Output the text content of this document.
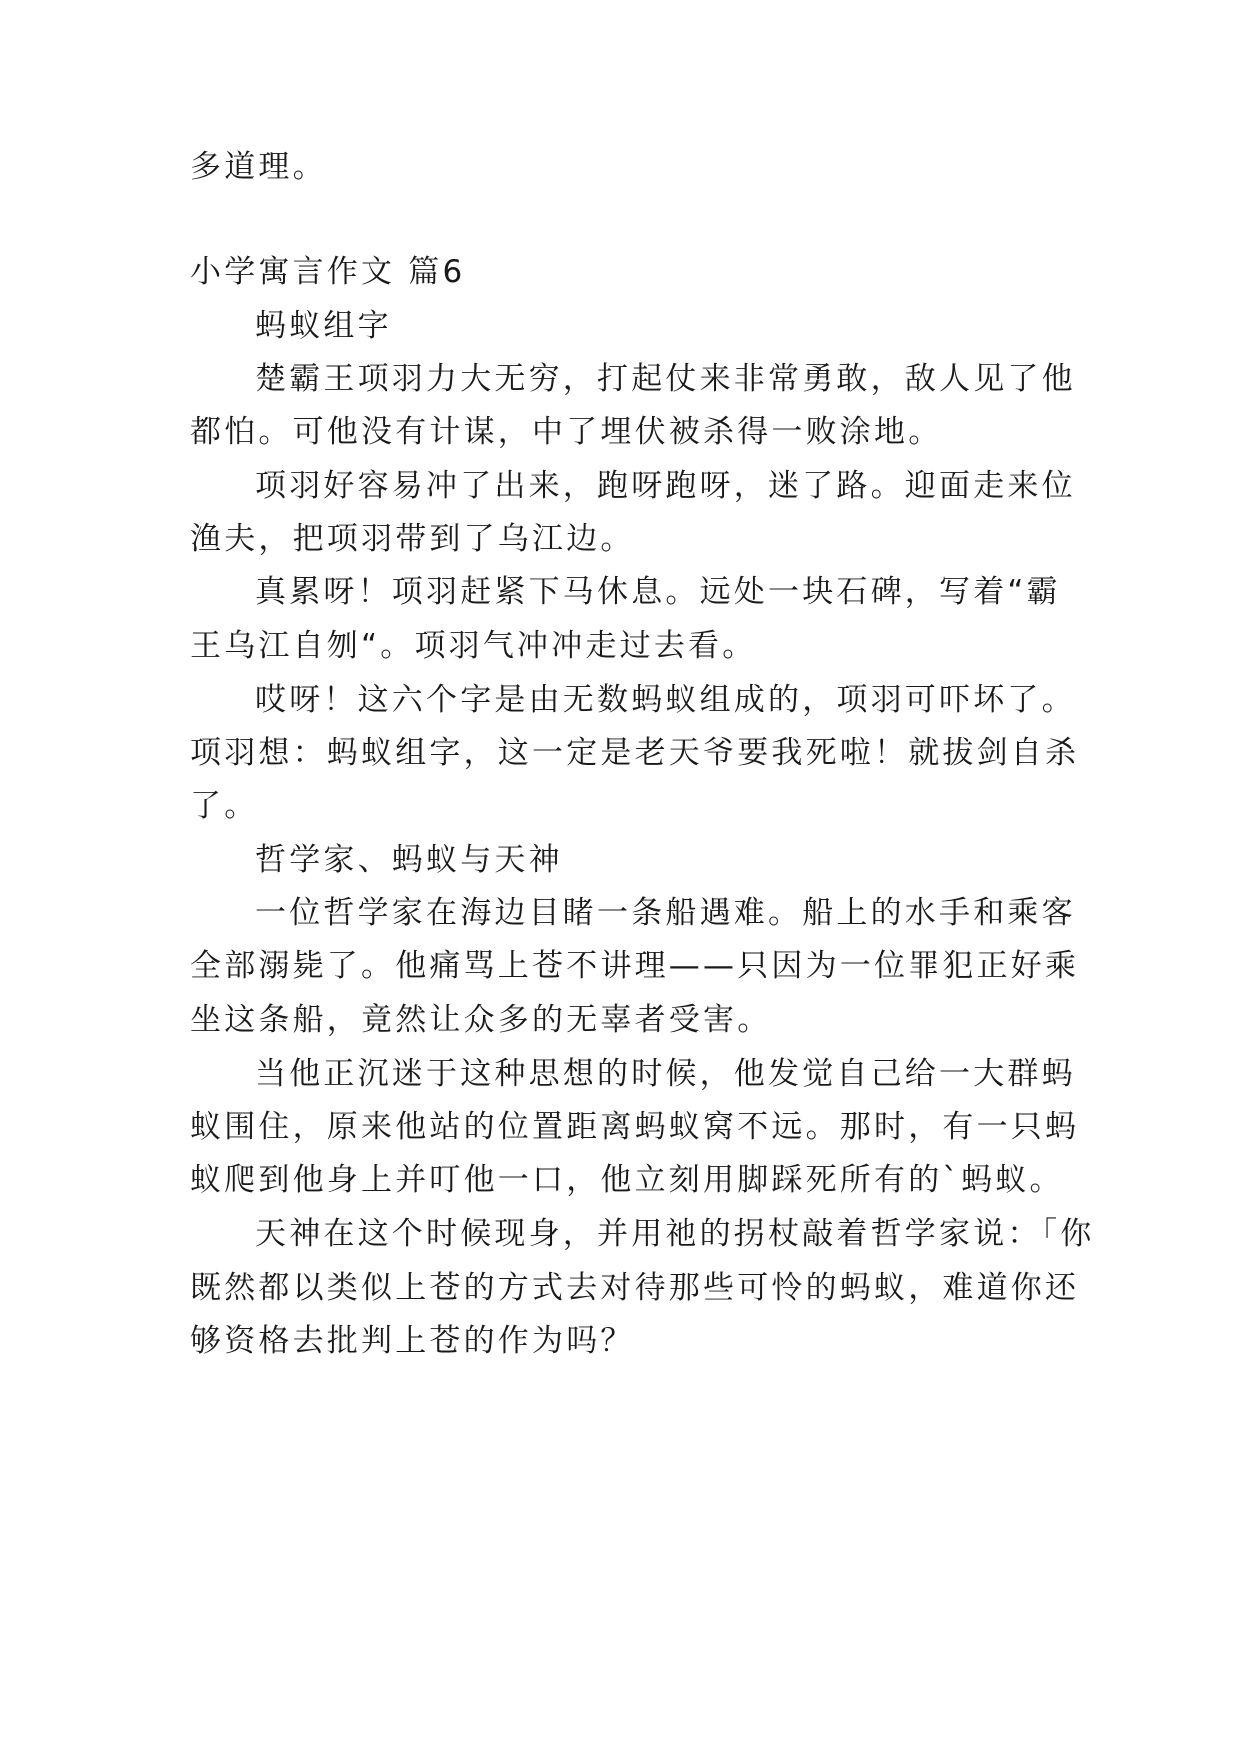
多道理。
小学寓言作文 篇6
蚂蚁组字
楚霸王项羽力大无穷，打起仗来非常勇敢，敌人见了他
都怕。可他没有计谋，中了埋伏被杀得一败涂地。
项羽好容易冲了出来，跑呀跑呀，迷了路。迎面走来位
渔夫，把项羽带到了乌江边。
真累呀！项羽赶紧下马休息。远处一块石碑，写着“霸
王乌江自刎“。项羽气冲冲走过去看。
哎呀！这六个字是由无数蚂蚁组成的，项羽可吓坏了。
项羽想：蚂蚁组字，这一定是老天爷要我死啦！就拔剑自杀
了。
哲学家、蚂蚁与天神
一位哲学家在海边目睹一条船遇难。船上的水手和乘客
全部溺毙了。他痛骂上苍不讲理——只因为一位罪犯正好乘
坐这条船，竟然让众多的无辜者受害。
当他正沉迷于这种思想的时候，他发觉自己给一大群蚂
蚁围住，原来他站的位置距离蚂蚁窝不远。那时，有一只蚂
蚁爬到他身上并叮他一口，他立刻用脚踩死所有的`蚂蚁。
天神在这个时候现身，并用祂的拐杖敲着哲学家说：「你
既然都以类似上苍的方式去对待那些可怜的蚂蚁，难道你还
够资格去批判上苍的作为吗？
